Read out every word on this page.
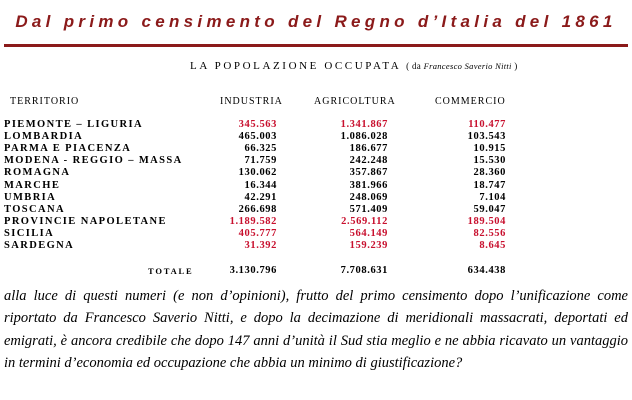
Dal primo censimento del Regno d’Italia del 1861
LA POPOLAZIONE OCCUPATA ( da Francesco Saverio Nitti )
TERRITORIO	INDUSTRIA	AGRICOLTURA	COMMERCIO
PIEMONTE – LIGURIA	345.563	1.341.867	110.477
LOMBARDIA	465.003	1.086.028	103.543
PARMA E PIACENZA	66.325	186.677	10.915
MODENA - REGGIO – MASSA	71.759	242.248	15.530
ROMAGNA	130.062	357.867	28.360
MARCHE	16.344	381.966	18.747
UMBRIA	42.291	248.069	7.104
TOSCANA	266.698	571.409	59.047
PROVINCIE NAPOLETANE	1.189.582	2.569.112	189.504
SICILIA	405.777	564.149	82.556
SARDEGNA	31.392	159.239	8.645
TOTALE	3.130.796	7.708.631	634.438
alla luce di questi numeri (e non d’opinioni), frutto del primo censimento dopo l’unificazione come riportato da Francesco Saverio Nitti, e dopo la decimazione di meridionali massacrati, deportati ed emigrati, è ancora credibile che dopo 147 anni d’unità il Sud stia meglio e ne abbia ricavato un vantaggio in termini d’economia ed occupazione che abbia un minimo di giustificazione?
